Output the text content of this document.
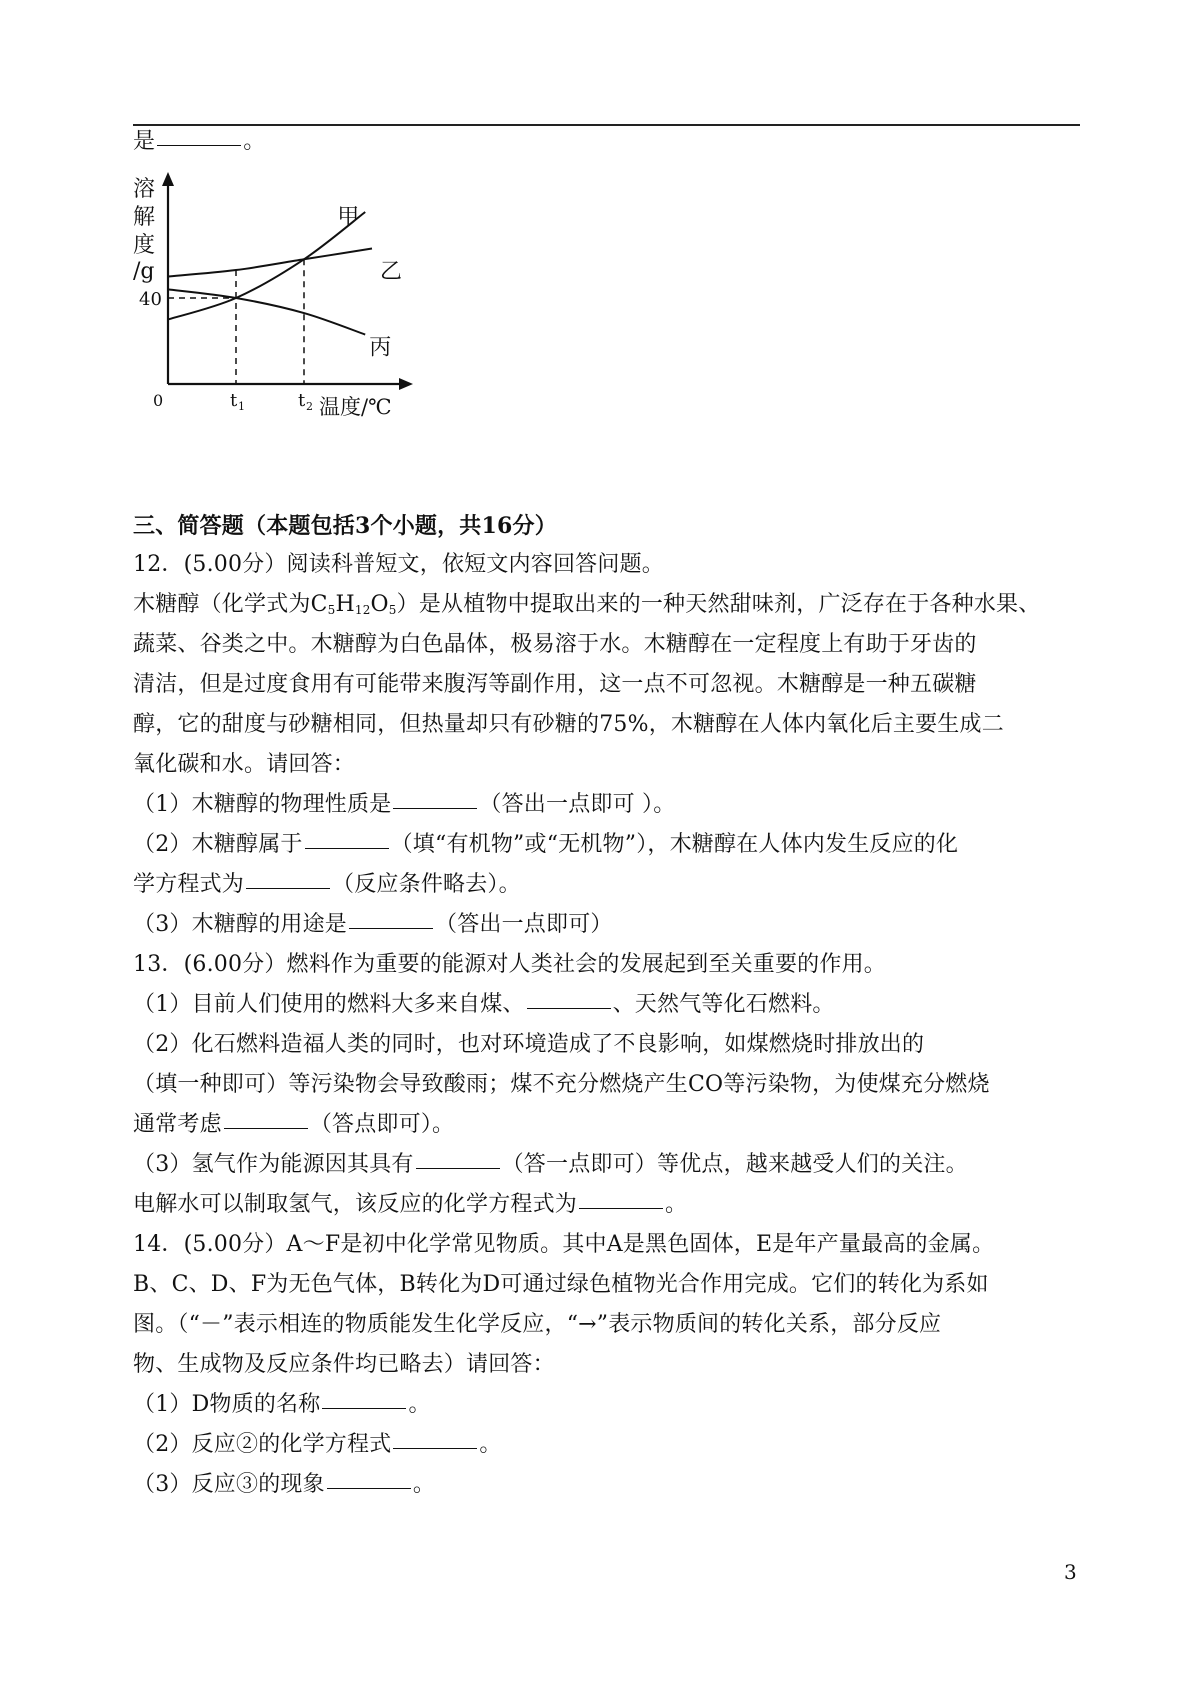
是	。
甲
乙
丙
40
t 1	t 2
溶
解
度
/g
0	温度/℃
三、简答题（本题包括3个小题，共16分）
12．(5.00分）阅读科普短文，依短文内容回答问题。
木糖醇（化学式为$C_5H_{12}O_5$）是从植物中提取出来的一种天然甜味剂，广泛存在于各种水果、
蔬菜、谷类之中。木糖醇为白色晶体，极易溶于水。木糖醇在一定程度上有助于牙齿的
清洁，但是过度食用有可能带来腹泻等副作用，这一点不可忽视。木糖醇是一种五碳糖
醇，它的甜度与砂糖相同，但热量却只有砂糖的75%，木糖醇在人体内氧化后主要生成二
氧化碳和水。请回答：
（1）木糖醇的物理性质是	（答出一点即可 ）。
（2）木糖醇属于	（填“有机物”或“无机物”），木糖醇在人体内发生反应的化
学方程式为	（反应条件略去）。
（3）木糖醇的用途是	（答出一点即可）
13．(6.00分）燃料作为重要的能源对人类社会的发展起到至关重要的作用。
（1）目前人们使用的燃料大多来自煤、	、天然气等化石燃料。
（2）化石燃料造福人类的同时，也对环境造成了不良影响，如煤燃烧时排放出的
（填一种即可）等污染物会导致酸雨；煤不充分燃烧产生CO等污染物，为使煤充分燃烧
通常考虑	（答点即可）。
（3）氢气作为能源因其具有	（答一点即可）等优点，越来越受人们的关注。
电解水可以制取氢气，该反应的化学方程式为	。
14．(5.00分）A～F是初中化学常见物质。其中A是黑色固体，E是年产量最高的金属。
B、C、D、F为无色气体，B转化为D可通过绿色植物光合作用完成。它们的转化为系如
图。（“－”表示相连的物质能发生化学反应，“→”表示物质间的转化关系，部分反应
物、生成物及反应条件均已略去）请回答：
（1）D物质的名称	。
（2）反应②的化学方程式	。
（3）反应③的现象	。
3
